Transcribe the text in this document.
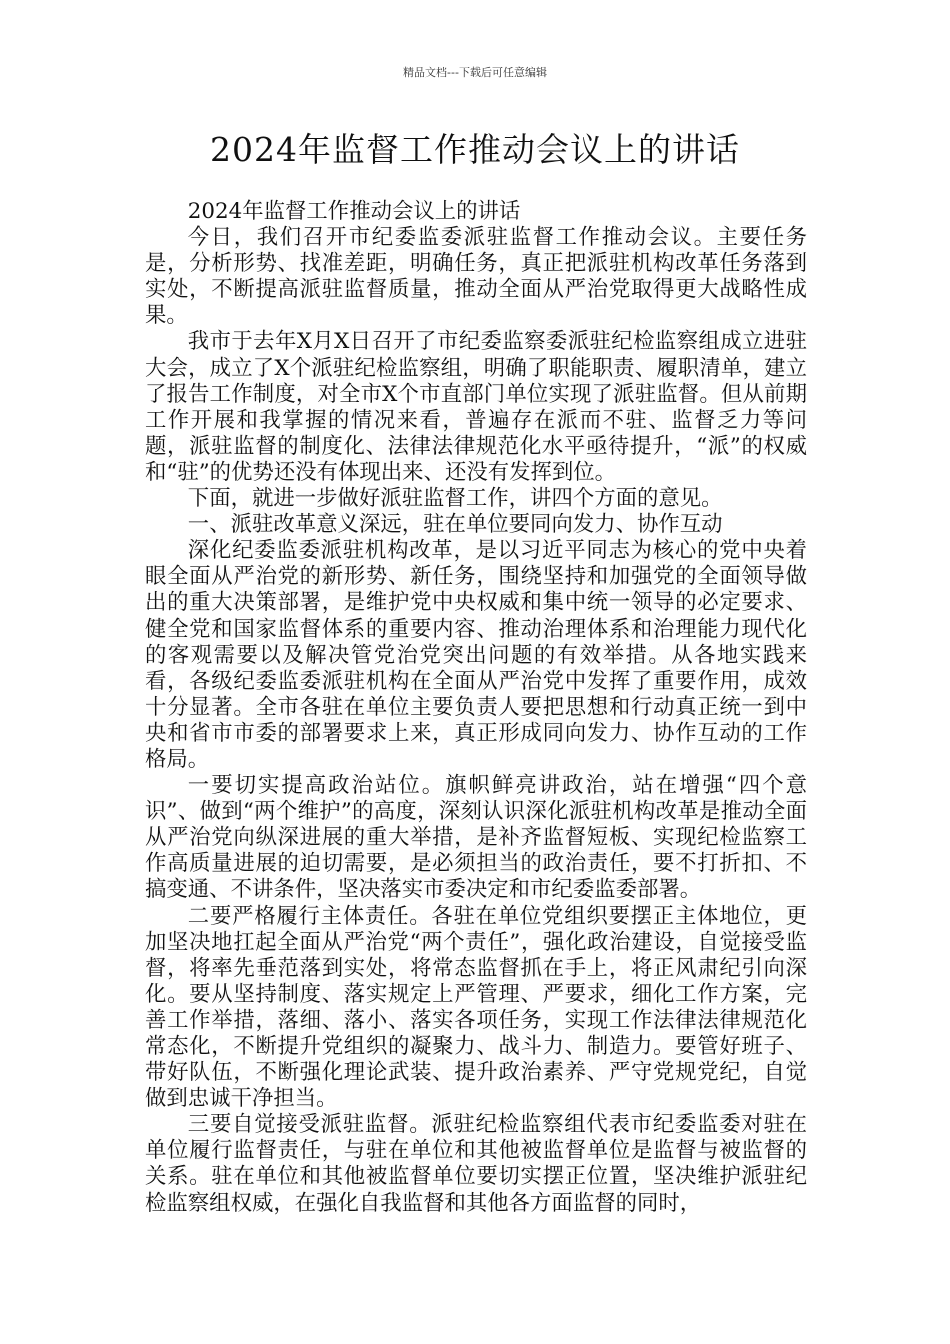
精品文档---下载后可任意编辑
2024年监督工作推动会议上的讲话

2024年监督工作推动会议上的讲话

今日，我们召开市纪委监委派驻监督工作推动会议。主要任务是，分析形势、找准差距，明确任务，真正把派驻机构改革任务落到实处，不断提高派驻监督质量，推动全面从严治党取得更大战略性成果。

我市于去年X月X日召开了市纪委监察委派驻纪检监察组成立进驻大会，成立了X个派驻纪检监察组，明确了职能职责、履职清单，建立了报告工作制度，对全市X个市直部门单位实现了派驻监督。但从前期工作开展和我掌握的情况来看，普遍存在派而不驻、监督乏力等问题，派驻监督的制度化、法律法律规范化水平亟待提升，“派”的权威和“驻”的优势还没有体现出来、还没有发挥到位。

下面，就进一步做好派驻监督工作，讲四个方面的意见。

一、派驻改革意义深远，驻在单位要同向发力、协作互动

深化纪委监委派驻机构改革，是以习近平同志为核心的党中央着眼全面从严治党的新形势、新任务，围绕坚持和加强党的全面领导做出的重大决策部署，是维护党中央权威和集中统一领导的必定要求、健全党和国家监督体系的重要内容、推动治理体系和治理能力现代化的客观需要以及解决管党治党突出问题的有效举措。从各地实践来看，各级纪委监委派驻机构在全面从严治党中发挥了重要作用，成效十分显著。全市各驻在单位主要负责人要把思想和行动真正统一到中央和省市市委的部署要求上来，真正形成同向发力、协作互动的工作格局。

一要切实提高政治站位。旗帜鲜亮讲政治，站在增强“四个意识”、做到“两个维护”的高度，深刻认识深化派驻机构改革是推动全面从严治党向纵深进展的重大举措，是补齐监督短板、实现纪检监察工作高质量进展的迫切需要，是必须担当的政治责任，要不打折扣、不搞变通、不讲条件，坚决落实市委决定和市纪委监委部署。

二要严格履行主体责任。各驻在单位党组织要摆正主体地位，更加坚决地扛起全面从严治党“两个责任”，强化政治建设，自觉接受监督，将率先垂范落到实处，将常态监督抓在手上，将正风肃纪引向深化。要从坚持制度、落实规定上严管理、严要求，细化工作方案，完善工作举措，落细、落小、落实各项任务，实现工作法律法律规范化常态化，不断提升党组织的凝聚力、战斗力、制造力。要管好班子、带好队伍，不断强化理论武装、提升政治素养、严守党规党纪，自觉做到忠诚干净担当。

三要自觉接受派驻监督。派驻纪检监察组代表市纪委监委对驻在单位履行监督责任，与驻在单位和其他被监督单位是监督与被监督的关系。驻在单位和其他被监督单位要切实摆正位置，坚决维护派驻纪检监察组权威，在强化自我监督和其他各方面监督的同时，
